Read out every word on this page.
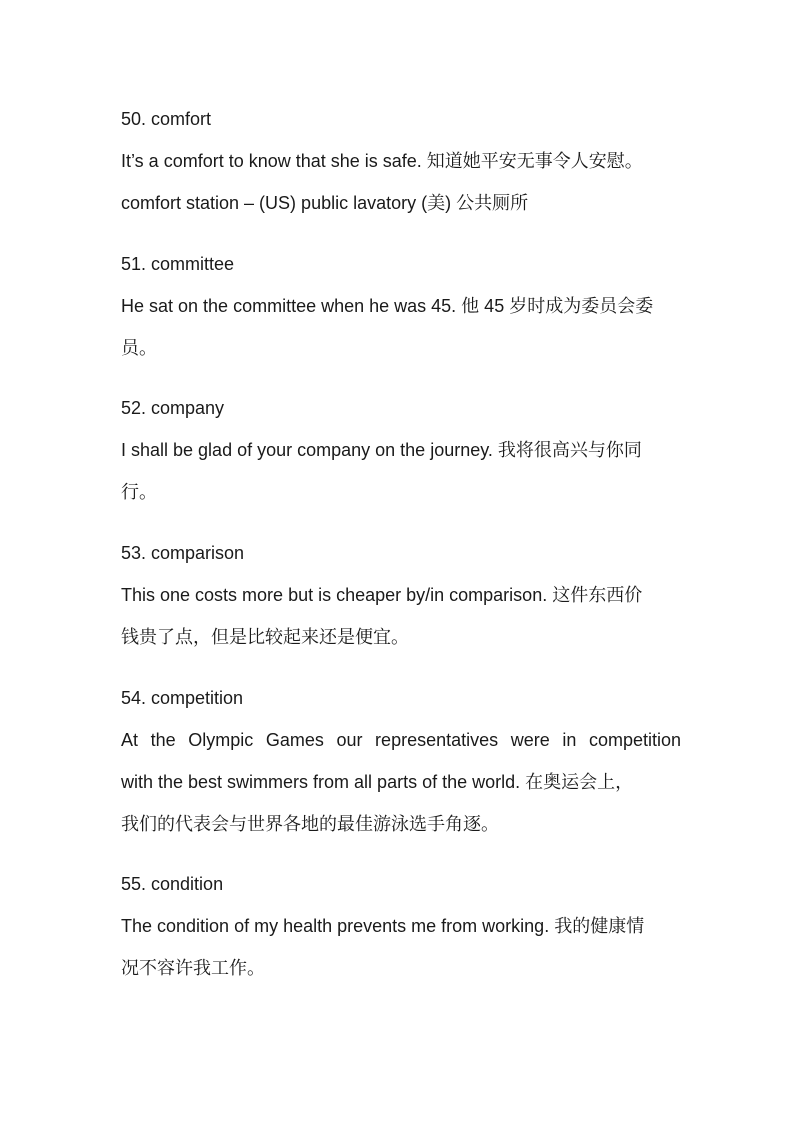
50. comfort
It’s a comfort to know that she is safe. 知道她平安无事令人安慰。
comfort station – (US) public lavatory (美) 公共厕所
51. committee
He sat on the committee when he was 45. 他 45 岁时成为委员会委
员。
52. company
I shall be glad of your company on the journey. 我将很高兴与你同
行。
53. comparison
This one costs more but is cheaper by/in comparison. 这件东西价
钱贵了点，但是比较起来还是便宜。
54. competition
At the Olympic Games our representatives were in competition
with the best swimmers from all parts of the world. 在奥运会上，
我们的代表会与世界各地的最佳游泳选手角逐。
55. condition
The condition of my health prevents me from working. 我的健康情
况不容许我工作。
